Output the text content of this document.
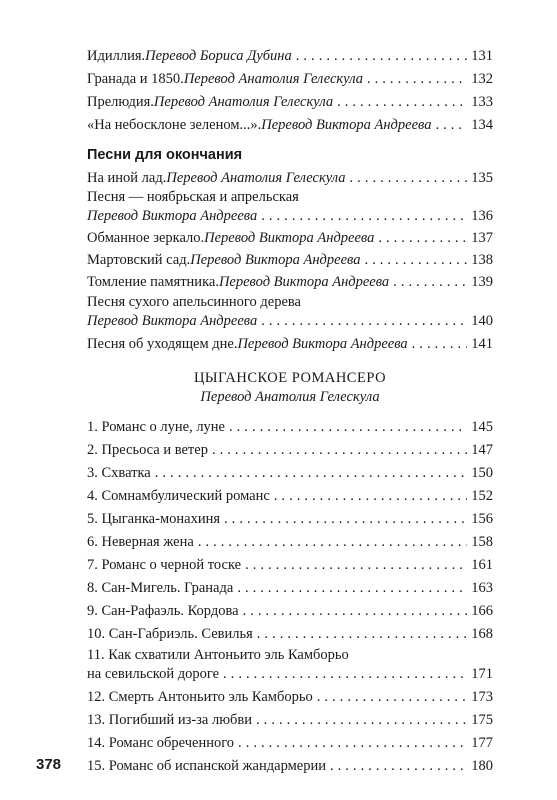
Идиллия. Перевод Бориса Дубина . . .	131
Гранада и 1850. Перевод Анатолия Гелескула . . .	132
Прелюдия. Перевод Анатолия Гелескула . . .	133
«На небосклоне зеленом...». Перевод Виктора Андреева . . .	134
Песни для окончания
На иной лад. Перевод Анатолия Гелескула . . .	135
Песня — ноябрьская и апрельская
Перевод Виктора Андреева . . .	136
Обманное зеркало. Перевод Виктора Андреева . . .	137
Мартовский сад. Перевод Виктора Андреева . . .	138
Томление памятника. Перевод Виктора Андреева . . .	139
Песня сухого апельсинного дерева
Перевод Виктора Андреева . . .	140
Песня об уходящем дне. Перевод Виктора Андреева . . .	141
ЦЫГАНСКОЕ РОМАНСЕРО
Перевод Анатолия Гелескула
1. Романс о луне, луне . . .	145
2. Пресьоса и ветер . . .	147
3. Схватка . . .	150
4. Сомнамбулический романс . . .	152
5. Цыганка-монахиня . . .	156
6. Неверная жена . . .	158
7. Романс о черной тоске . . .	161
8. Сан-Мигель. Гранада . . .	163
9. Сан-Рафаэль. Кордова . . .	166
10. Сан-Габриэль. Севилья . . .	168
11. Как схватили Антоньито эль Камборьо
на севильской дороге . . .	171
12. Смерть Антоньито эль Камборьо . . .	173
13. Погибший из-за любви . . .	175
14. Романс обреченного . . .	177
15. Романс об испанской жандармерии . . .	180
378
